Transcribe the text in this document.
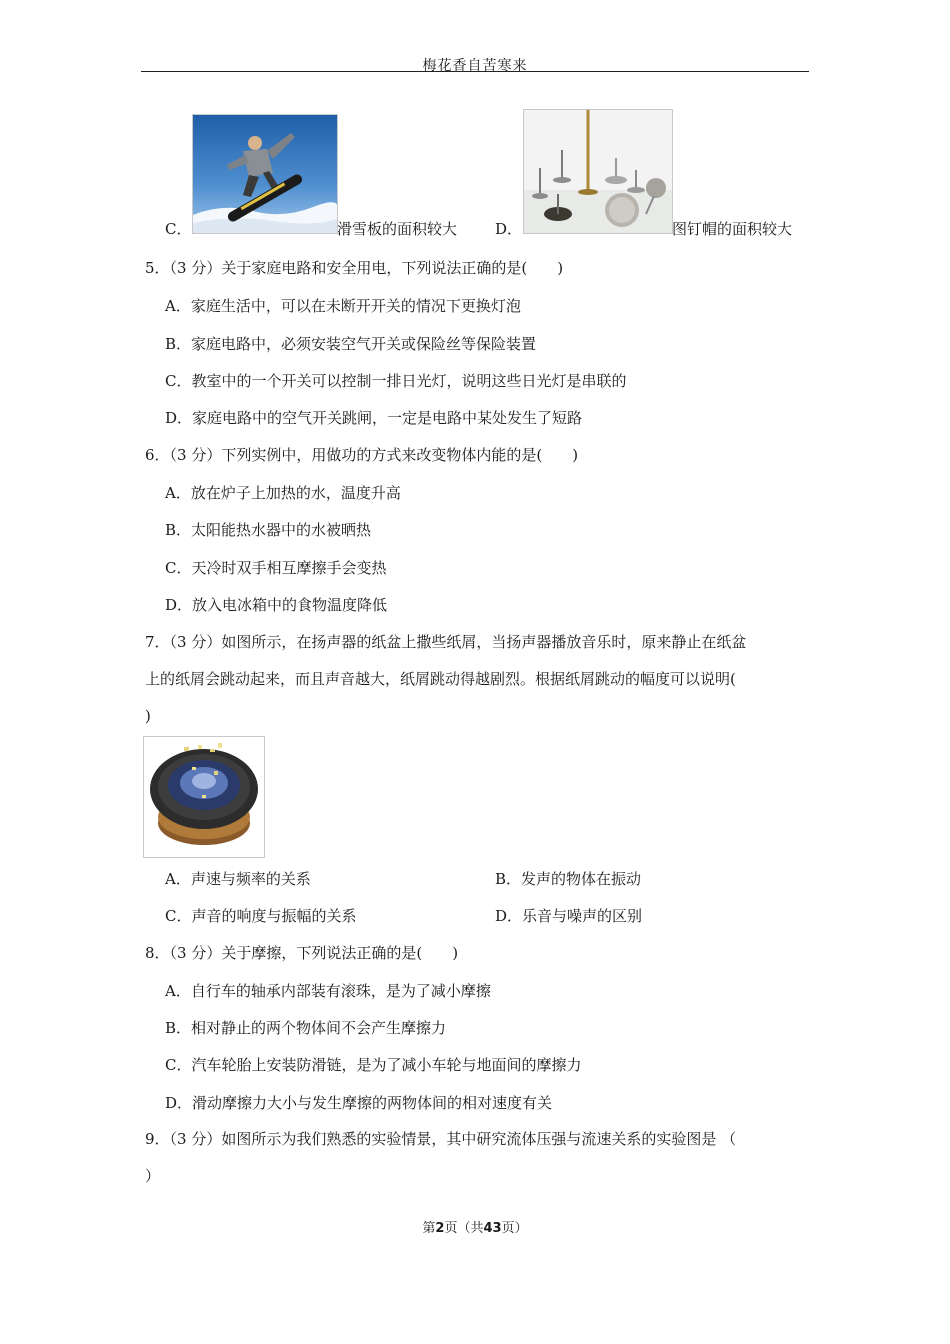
梅花香自苦寒来
C．	滑雪板的面积较大	D．	图钉帽的面积较大
5．（3 分）关于家庭电路和安全用电，下列说法正确的是(　　)
A．家庭生活中，可以在未断开开关的情况下更换灯泡
B．家庭电路中，必须安装空气开关或保险丝等保险装置
C．教室中的一个开关可以控制一排日光灯，说明这些日光灯是串联的
D．家庭电路中的空气开关跳闸，一定是电路中某处发生了短路
6．（3 分）下列实例中，用做功的方式来改变物体内能的是(　　)
A．放在炉子上加热的水，温度升高
B．太阳能热水器中的水被晒热
C．天冷时双手相互摩擦手会变热
D．放入电冰箱中的食物温度降低
7．（3 分）如图所示，在扬声器的纸盆上撒些纸屑，当扬声器播放音乐时，原来静止在纸盆
上的纸屑会跳动起来，而且声音越大，纸屑跳动得越剧烈。根据纸屑跳动的幅度可以说明(
)
A．声速与频率的关系	B．发声的物体在振动
C．声音的响度与振幅的关系	D．乐音与噪声的区别
8．（3 分）关于摩擦，下列说法正确的是(　　)
A．自行车的轴承内部装有滚珠，是为了减小摩擦
B．相对静止的两个物体间不会产生摩擦力
C．汽车轮胎上安装防滑链，是为了减小车轮与地面间的摩擦力
D．滑动摩擦力大小与发生摩擦的两物体间的相对速度有关
9．（3 分）如图所示为我们熟悉的实验情景，其中研究流体压强与流速关系的实验图是 （
）
第2页（共43页）
